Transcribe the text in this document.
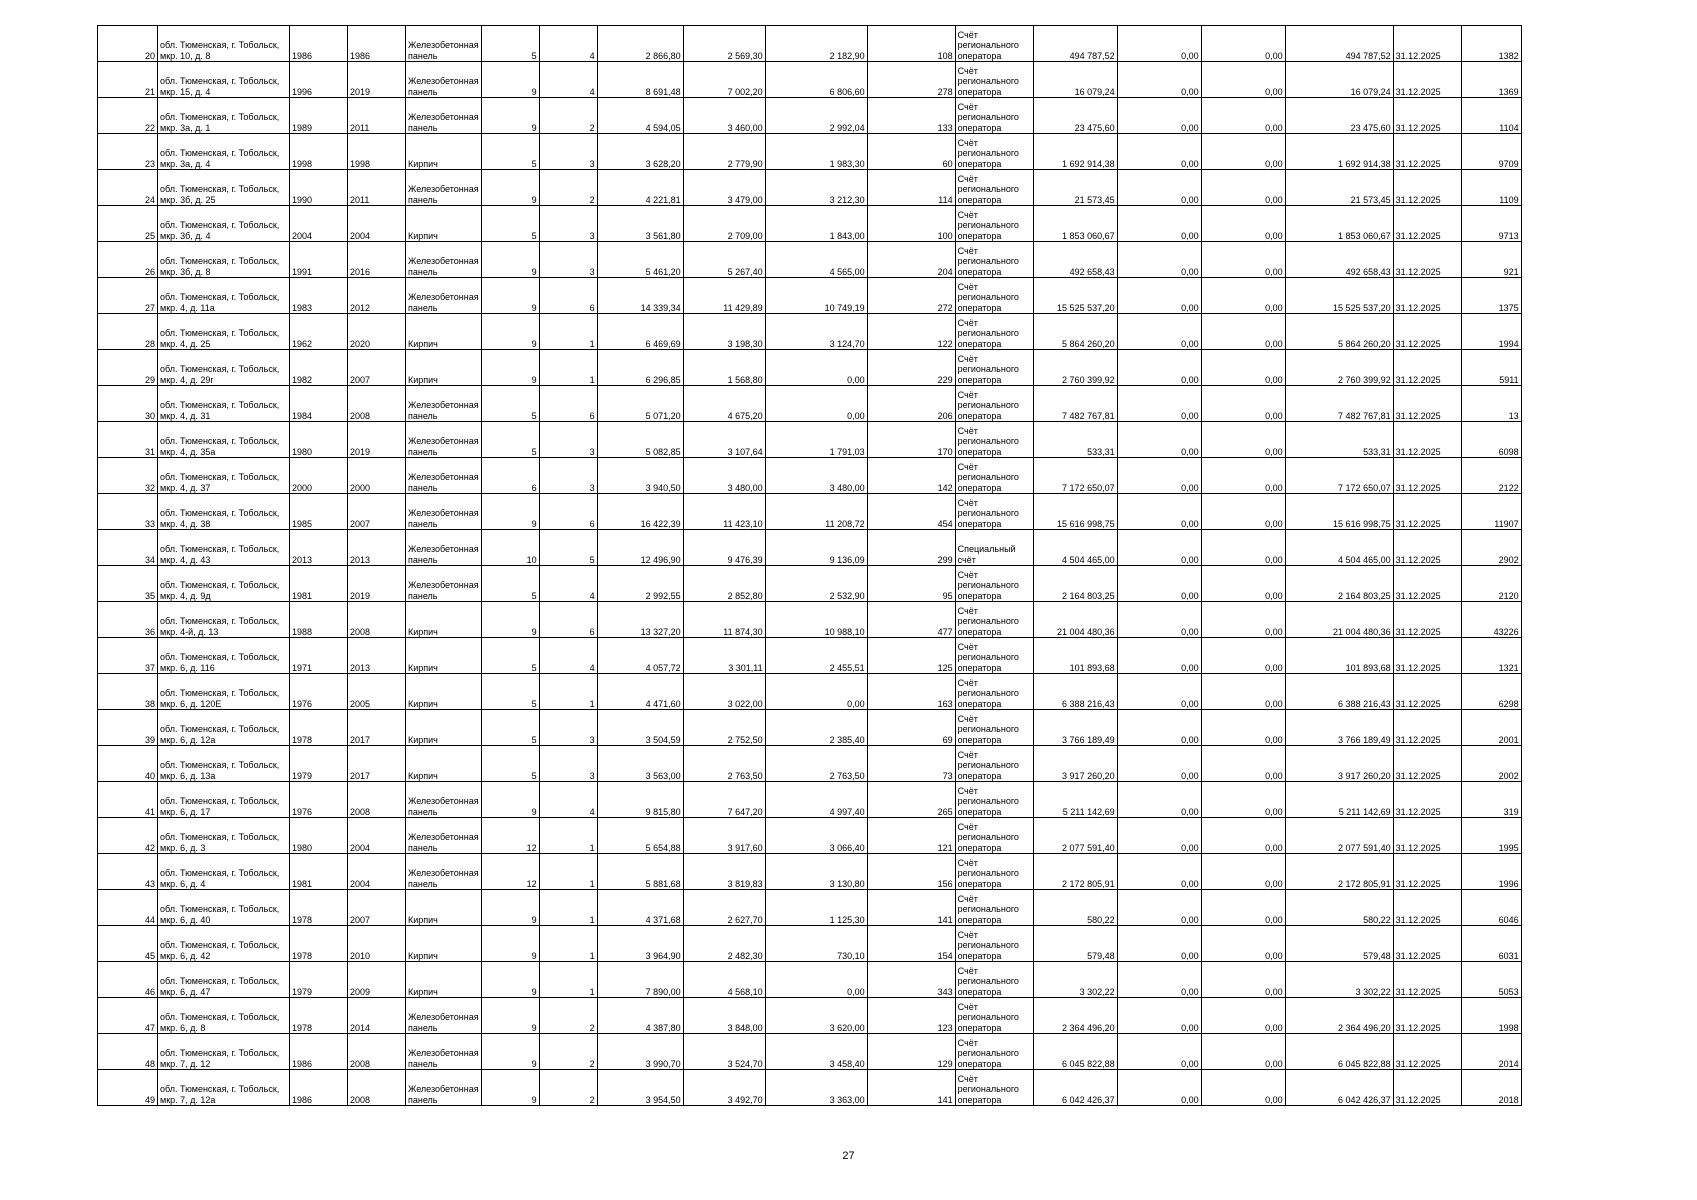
20	обл. Тюменская, г. Тобольск, мкр. 10, д. 8	1986	1986	Железобетонная панель	5	4	2 866,80	2 569,30	2 182,90	108	Счёт регионального оператора	494 787,52	0,00	0,00	494 787,52	31.12.2025	1382
21	обл. Тюменская, г. Тобольск, мкр. 15, д. 4	1996	2019	Железобетонная панель	9	4	8 691,48	7 002,20	6 806,60	278	Счёт регионального оператора	16 079,24	0,00	0,00	16 079,24	31.12.2025	1369
22	обл. Тюменская, г. Тобольск, мкр. 3а, д. 1	1989	2011	Железобетонная панель	9	2	4 594,05	3 460,00	2 992,04	133	Счёт регионального оператора	23 475,60	0,00	0,00	23 475,60	31.12.2025	1104
23	обл. Тюменская, г. Тобольск, мкр. 3а, д. 4	1998	1998	Кирпич	5	3	3 628,20	2 779,90	1 983,30	60	Счёт регионального оператора	1 692 914,38	0,00	0,00	1 692 914,38	31.12.2025	9709
24	обл. Тюменская, г. Тобольск, мкр. 3б, д. 25	1990	2011	Железобетонная панель	9	2	4 221,81	3 479,00	3 212,30	114	Счёт регионального оператора	21 573,45	0,00	0,00	21 573,45	31.12.2025	1109
25	обл. Тюменская, г. Тобольск, мкр. 3б, д. 4	2004	2004	Кирпич	5	3	3 561,80	2 709,00	1 843,00	100	Счёт регионального оператора	1 853 060,67	0,00	0,00	1 853 060,67	31.12.2025	9713
26	обл. Тюменская, г. Тобольск, мкр. 3б, д. 8	1991	2016	Железобетонная панель	9	3	5 461,20	5 267,40	4 565,00	204	Счёт регионального оператора	492 658,43	0,00	0,00	492 658,43	31.12.2025	921
27	обл. Тюменская, г. Тобольск, мкр. 4, д. 11а	1983	2012	Железобетонная панель	9	6	14 339,34	11 429,89	10 749,19	272	Счёт регионального оператора	15 525 537,20	0,00	0,00	15 525 537,20	31.12.2025	1375
28	обл. Тюменская, г. Тобольск, мкр. 4, д. 25	1962	2020	Кирпич	9	1	6 469,69	3 198,30	3 124,70	122	Счёт регионального оператора	5 864 260,20	0,00	0,00	5 864 260,20	31.12.2025	1994
29	обл. Тюменская, г. Тобольск, мкр. 4, д. 29г	1982	2007	Кирпич	9	1	6 296,85	1 568,80	0,00	229	Счёт регионального оператора	2 760 399,92	0,00	0,00	2 760 399,92	31.12.2025	5911
30	обл. Тюменская, г. Тобольск, мкр. 4, д. 31	1984	2008	Железобетонная панель	5	6	5 071,20	4 675,20	0,00	206	Счёт регионального оператора	7 482 767,81	0,00	0,00	7 482 767,81	31.12.2025	13
31	обл. Тюменская, г. Тобольск, мкр. 4, д. 35а	1980	2019	Железобетонная панель	5	3	5 082,85	3 107,64	1 791,03	170	Счёт регионального оператора	533,31	0,00	0,00	533,31	31.12.2025	6098
32	обл. Тюменская, г. Тобольск, мкр. 4, д. 37	2000	2000	Железобетонная панель	6	3	3 940,50	3 480,00	3 480,00	142	Счёт регионального оператора	7 172 650,07	0,00	0,00	7 172 650,07	31.12.2025	2122
33	обл. Тюменская, г. Тобольск, мкр. 4, д. 38	1985	2007	Железобетонная панель	9	6	16 422,39	11 423,10	11 208,72	454	Счёт регионального оператора	15 616 998,75	0,00	0,00	15 616 998,75	31.12.2025	11907
34	обл. Тюменская, г. Тобольск, мкр. 4, д. 43	2013	2013	Железобетонная панель	10	5	12 496,90	9 476,39	9 136,09	299	Специальный счёт	4 504 465,00	0,00	0,00	4 504 465,00	31.12.2025	2902
35	обл. Тюменская, г. Тобольск, мкр. 4, д. 9д	1981	2019	Железобетонная панель	5	4	2 992,55	2 852,80	2 532,90	95	Счёт регионального оператора	2 164 803,25	0,00	0,00	2 164 803,25	31.12.2025	2120
36	обл. Тюменская, г. Тобольск, мкр. 4-й, д. 13	1988	2008	Кирпич	9	6	13 327,20	11 874,30	10 988,10	477	Счёт регионального оператора	21 004 480,36	0,00	0,00	21 004 480,36	31.12.2025	43226
37	обл. Тюменская, г. Тобольск, мкр. 6, д. 116	1971	2013	Кирпич	5	4	4 057,72	3 301,11	2 455,51	125	Счёт регионального оператора	101 893,68	0,00	0,00	101 893,68	31.12.2025	1321
38	обл. Тюменская, г. Тобольск, мкр. 6, д. 120Е	1976	2005	Кирпич	5	1	4 471,60	3 022,00	0,00	163	Счёт регионального оператора	6 388 216,43	0,00	0,00	6 388 216,43	31.12.2025	6298
39	обл. Тюменская, г. Тобольск, мкр. 6, д. 12а	1978	2017	Кирпич	5	3	3 504,59	2 752,50	2 385,40	69	Счёт регионального оператора	3 766 189,49	0,00	0,00	3 766 189,49	31.12.2025	2001
40	обл. Тюменская, г. Тобольск, мкр. 6, д. 13а	1979	2017	Кирпич	5	3	3 563,00	2 763,50	2 763,50	73	Счёт регионального оператора	3 917 260,20	0,00	0,00	3 917 260,20	31.12.2025	2002
41	обл. Тюменская, г. Тобольск, мкр. 6, д. 17	1976	2008	Железобетонная панель	9	4	9 815,80	7 647,20	4 997,40	265	Счёт регионального оператора	5 211 142,69	0,00	0,00	5 211 142,69	31.12.2025	319
42	обл. Тюменская, г. Тобольск, мкр. 6, д. 3	1980	2004	Железобетонная панель	12	1	5 654,88	3 917,60	3 066,40	121	Счёт регионального оператора	2 077 591,40	0,00	0,00	2 077 591,40	31.12.2025	1995
43	обл. Тюменская, г. Тобольск, мкр. 6, д. 4	1981	2004	Железобетонная панель	12	1	5 881,68	3 819,83	3 130,80	156	Счёт регионального оператора	2 172 805,91	0,00	0,00	2 172 805,91	31.12.2025	1996
44	обл. Тюменская, г. Тобольск, мкр. 6, д. 40	1978	2007	Кирпич	9	1	4 371,68	2 627,70	1 125,30	141	Счёт регионального оператора	580,22	0,00	0,00	580,22	31.12.2025	6046
45	обл. Тюменская, г. Тобольск, мкр. 6, д. 42	1978	2010	Кирпич	9	1	3 964,90	2 482,30	730,10	154	Счёт регионального оператора	579,48	0,00	0,00	579,48	31.12.2025	6031
46	обл. Тюменская, г. Тобольск, мкр. 6, д. 47	1979	2009	Кирпич	9	1	7 890,00	4 568,10	0,00	343	Счёт регионального оператора	3 302,22	0,00	0,00	3 302,22	31.12.2025	5053
47	обл. Тюменская, г. Тобольск, мкр. 6, д. 8	1978	2014	Железобетонная панель	9	2	4 387,80	3 848,00	3 620,00	123	Счёт регионального оператора	2 364 496,20	0,00	0,00	2 364 496,20	31.12.2025	1998
48	обл. Тюменская, г. Тобольск, мкр. 7, д. 12	1986	2008	Железобетонная панель	9	2	3 990,70	3 524,70	3 458,40	129	Счёт регионального оператора	6 045 822,88	0,00	0,00	6 045 822,88	31.12.2025	2014
49	обл. Тюменская, г. Тобольск, мкр. 7, д. 12а	1986	2008	Железобетонная панель	9	2	3 954,50	3 492,70	3 363,00	141	Счёт регионального оператора	6 042 426,37	0,00	0,00	6 042 426,37	31.12.2025	2018
27
